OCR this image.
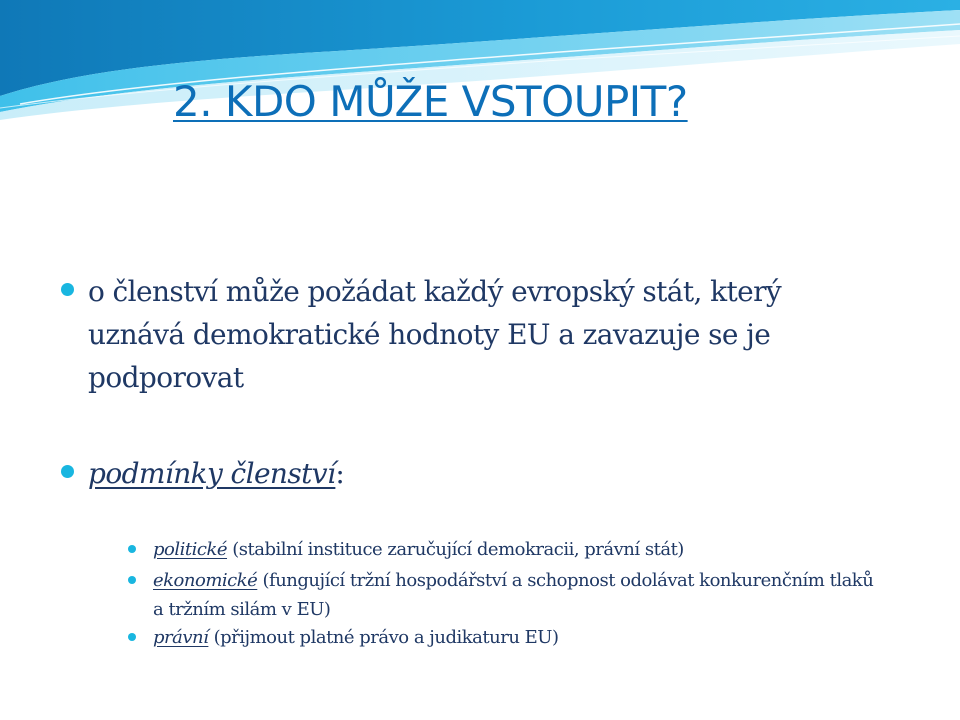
2. KDO MŮŽE VSTOUPIT?
o členství může požádat každý evropský stát, který uznává demokratické hodnoty EU a zavazuje se je podporovat
podmínky členství:
politické (stabilní instituce zaručující demokracii, právní stát)
ekonomické (fungující tržní hospodářství a schopnost odolávat konkurenčním tlaků a tržním silám v EU)
právní (přijmout platné právo a judikaturu EU)
